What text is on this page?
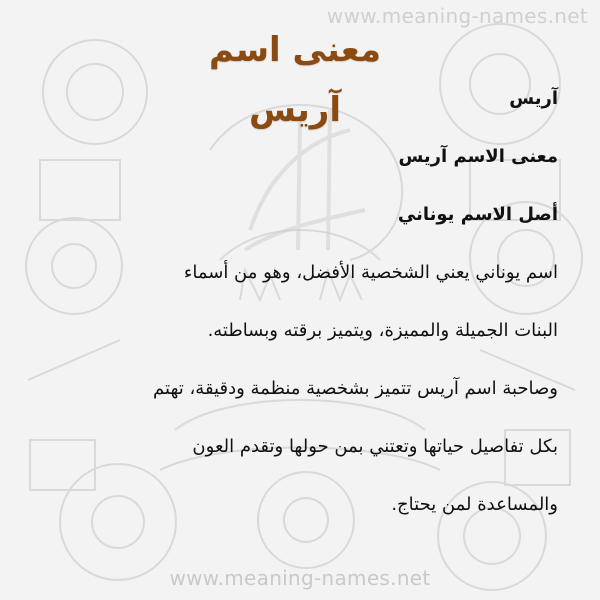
www.meaning-names.net
معنى اسم آريس	آريس

معنى الاسم آريس

أصل الاسم يوناني

اسم يوناني يعني الشخصية الأفضل، وهو من أسماء

البنات الجميلة والمميزة، ويتميز برقته وبساطته.

وصاحبة اسم آريس تتميز بشخصية منظمة ودقيقة، تهتم

بكل تفاصيل حياتها وتعتني بمن حولها وتقدم العون

والمساعدة لمن يحتاج.

www.meaning-names.net
